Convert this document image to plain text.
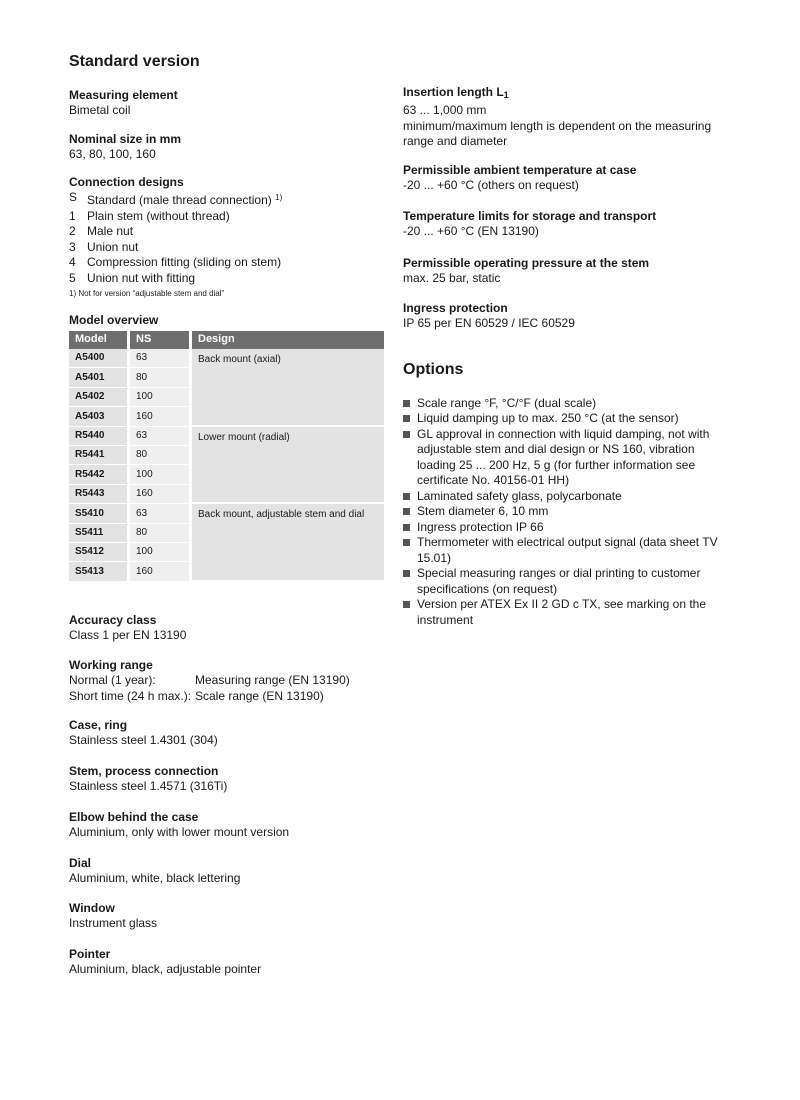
Standard version
Measuring element
Bimetal coil
Nominal size in mm
63, 80, 100, 160
Connection designs
S Standard (male thread connection) $^{1)}$
1 Plain stem (without thread)
2 Male nut
3 Union nut
4 Compression fitting (sliding on stem)
5 Union nut with fitting
1) Not for version “adjustable stem and dial”
Model overview
Model	NS	Design
A5400	63	Back mount (axial)
A5401	80	
A5402	100	
A5403	160	
R5440	63	Lower mount (radial)
R5441	80	
R5442	100	
R5443	160	
S5410	63	Back mount, adjustable stem and dial
S5411	80	
S5412	100	
S5413	160	
Accuracy class
Class 1 per EN 13190
Working range
Normal (1 year):	Measuring range (EN 13190)
Short time (24 h max.): Scale range (EN 13190)
Case, ring
Stainless steel 1.4301 (304)
Stem, process connection
Stainless steel 1.4571 (316Ti)
Elbow behind the case
Aluminium, only with lower mount version
Dial
Aluminium, white, black lettering
Window
Instrument glass
Pointer
Aluminium, black, adjustable pointer
Insertion length $L_1$
63 ... 1,000 mm
minimum/maximum length is dependent on the measuring range and diameter
Permissible ambient temperature at case
-20 ... +60 °C (others on request)
Temperature limits for storage and transport
-20 ... +60 °C (EN 13190)
Permissible operating pressure at the stem
max. 25 bar, static
Ingress protection
IP 65 per EN 60529 / IEC 60529
Options
Scale range °F, °C/°F (dual scale)
Liquid damping up to max. 250 °C (at the sensor)
GL approval in connection with liquid damping, not with adjustable stem and dial design or NS 160, vibration loading 25 ... 200 Hz, 5 g (for further information see certificate No. 40156-01 HH)
Laminated safety glass, polycarbonate
Stem diameter 6, 10 mm
Ingress protection IP 66
Thermometer with electrical output signal (data sheet TV 15.01)
Special measuring ranges or dial printing to customer specifications (on request)
Version per ATEX Ex II 2 GD c TX, see marking on the instrument
